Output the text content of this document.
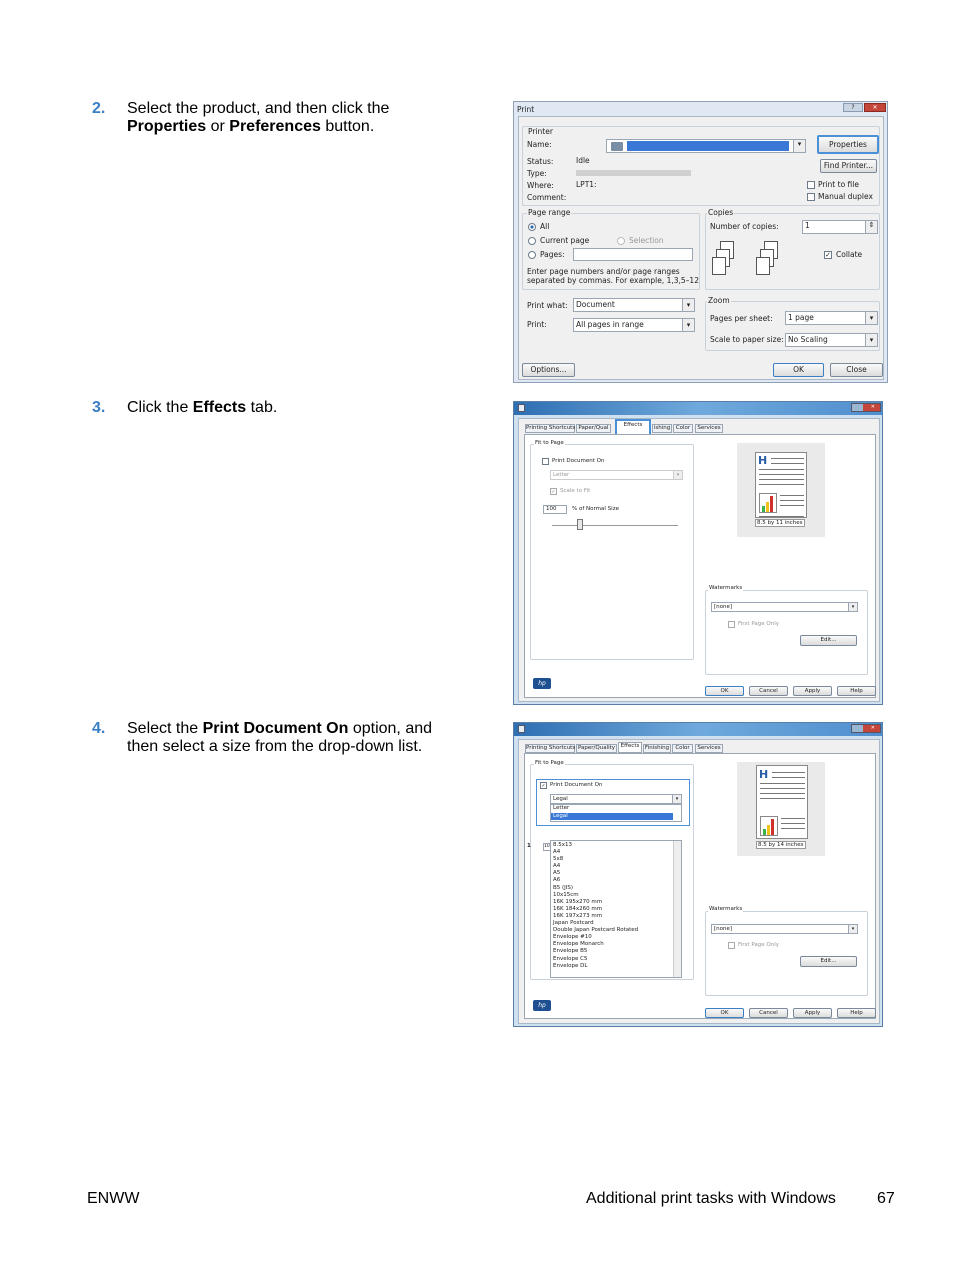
2. Select the product, and then click the Properties or Preferences button.
3. Click the Effects tab.
4. Select the Print Document On option, and then select a size from the drop-down list.
Print	?	✕
Printer
Name:	▾	Properties
Status:	Idle
Find Printer...
Type:
Where:	LPT1:
Comment:
Print to file
Manual duplex
Page range
All
Current page	Selection
Pages:
Enter page numbers and/or page ranges
separated by commas. For example, 1,3,5–12
Copies
Number of copies:	1	⇕
✓ Collate
Print what:	Document	▾
Print:	All pages in range	▾
Zoom
Pages per sheet:	1 page	▾
Scale to paper size: No Scaling	▾
Options...	OK	Close
✕
Printing Shortcuts Paper/Qual	Effects	ishing	Color	Services
Fit to Page
Print Document On
Letter	▾
✓ Scale to Fit
100	% of Normal Size
H
8.5 by 11 inches
Watermarks
[none]	▾
First Page Only
Edit...
hp
OK	Cancel	Apply	Help
✕
Printing Shortcuts Paper/Quality	Effects	Finishing	Color	Services
Fit to Page
✓ Print Document On
Legal	▾
Letter
Legal
1	10 8.5x13
A4
5x8
A4
A5
A6
B5 (JIS)
10x15cm
16K 195x270 mm
16K 184x260 mm
16K 197x273 mm
Japan Postcard
Double Japan Postcard Rotated
Envelope #10
Envelope Monarch
Envelope B5
Envelope C5
Envelope DL
H
8.5 by 14 inches
Watermarks
[none]	▾
First Page Only
Edit...
hp
OK	Cancel	Apply	Help
ENWW	Additional print tasks with Windows	67
